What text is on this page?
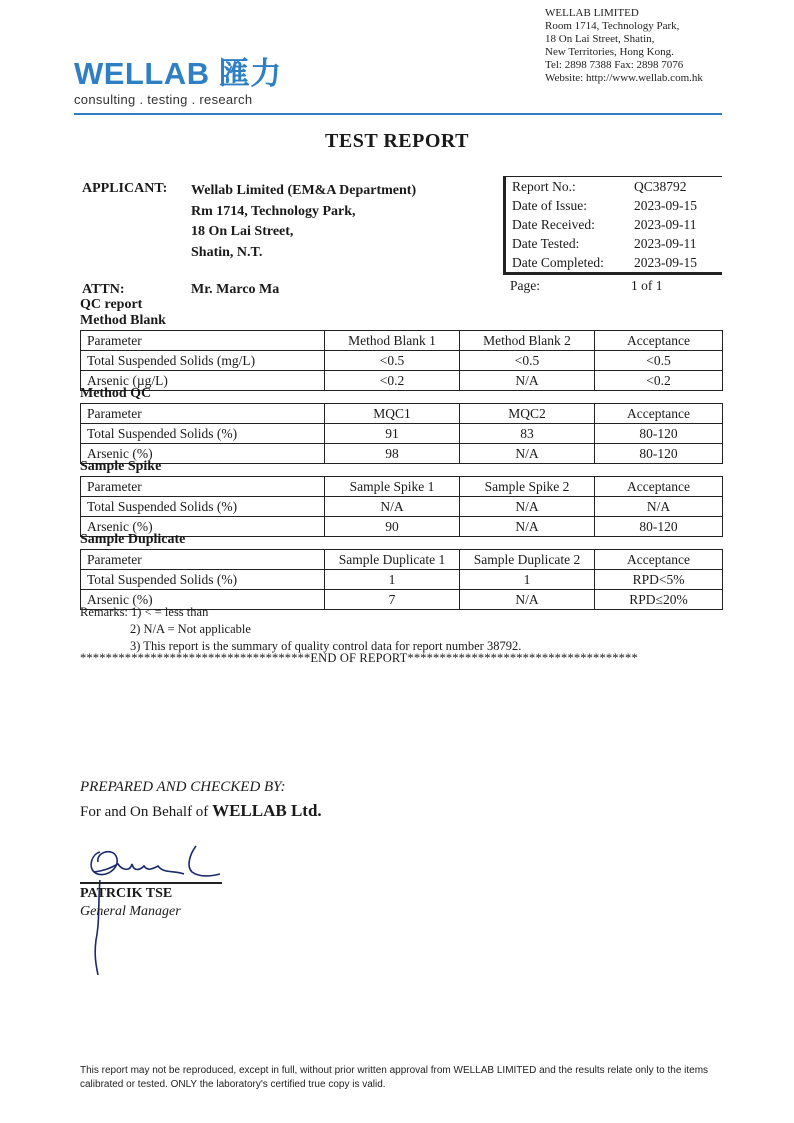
WELLAB 匯力
consulting . testing . research
WELLAB LIMITED
Room 1714, Technology Park,
18 On Lai Street, Shatin,
New Territories, Hong Kong.
Tel: 2898 7388 Fax: 2898 7076
Website: http://www.wellab.com.hk
TEST REPORT
APPLICANT: Wellab Limited (EM&A Department)
Rm 1714, Technology Park,
18 On Lai Street,
Shatin, N.T.
ATTN:	Mr. Marco Ma
Report No.:	QC38792
Date of Issue:	2023-09-15
Date Received:	2023-09-11
Date Tested:	2023-09-11
Date Completed:	2023-09-15
Page:	1 of 1
QC report
Method Blank
Parameter	Method Blank 1	Method Blank 2	Acceptance
Total Suspended Solids (mg/L)	<0.5	<0.5	<0.5
Arsenic (µg/L)	<0.2	N/A	<0.2
Method QC
Parameter	MQC1	MQC2	Acceptance
Total Suspended Solids (%)	91	83	80-120
Arsenic (%)	98	N/A	80-120
Sample Spike
Parameter	Sample Spike 1	Sample Spike 2	Acceptance
Total Suspended Solids (%)	N/A	N/A	N/A
Arsenic (%)	90	N/A	80-120
Sample Duplicate
Parameter	Sample Duplicate 1	Sample Duplicate 2	Acceptance
Total Suspended Solids (%)	1	1	RPD<5%
Arsenic (%)	7	N/A	RPD≤20%
Remarks: 1) < = less than
2) N/A = Not applicable
3) This report is the summary of quality control data for report number 38792.
************************************END OF REPORT************************************
PREPARED AND CHECKED BY:
For and On Behalf of WELLAB Ltd.
PATRCIK TSE
General Manager
This report may not be reproduced, except in full, without prior written approval from WELLAB LIMITED and the results relate only to the items calibrated or tested. ONLY the laboratory's certified true copy is valid.
